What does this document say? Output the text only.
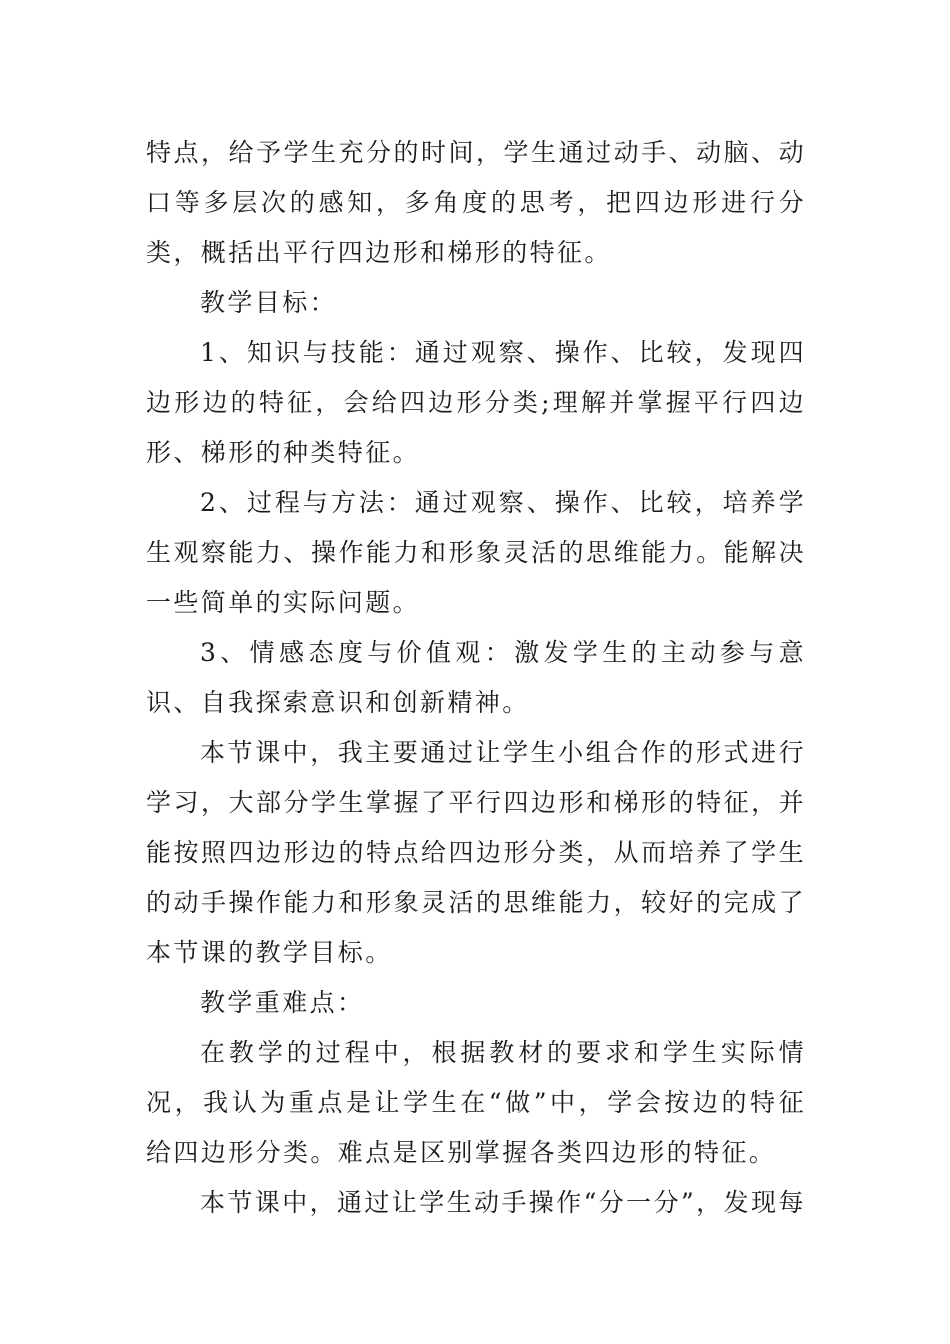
特点，给予学生充分的时间，学生通过动手、动脑、动口等多层次的感知，多角度的思考，把四边形进行分类，概括出平行四边形和梯形的特征。

教学目标：

1、知识与技能：通过观察、操作、比较，发现四边形边的特征，会给四边形分类;理解并掌握平行四边形、梯形的种类特征。

2、过程与方法：通过观察、操作、比较，培养学生观察能力、操作能力和形象灵活的思维能力。能解决一些简单的实际问题。

3、情感态度与价值观：激发学生的主动参与意识、自我探索意识和创新精神。

本节课中，我主要通过让学生小组合作的形式进行学习，大部分学生掌握了平行四边形和梯形的特征，并能按照四边形边的特点给四边形分类，从而培养了学生的动手操作能力和形象灵活的思维能力，较好的完成了本节课的教学目标。

教学重难点：

在教学的过程中，根据教材的要求和学生实际情况，我认为重点是让学生在“做”中，学会按边的特征给四边形分类。难点是区别掌握各类四边形的特征。

本节课中，通过让学生动手操作“分一分”，发现每
